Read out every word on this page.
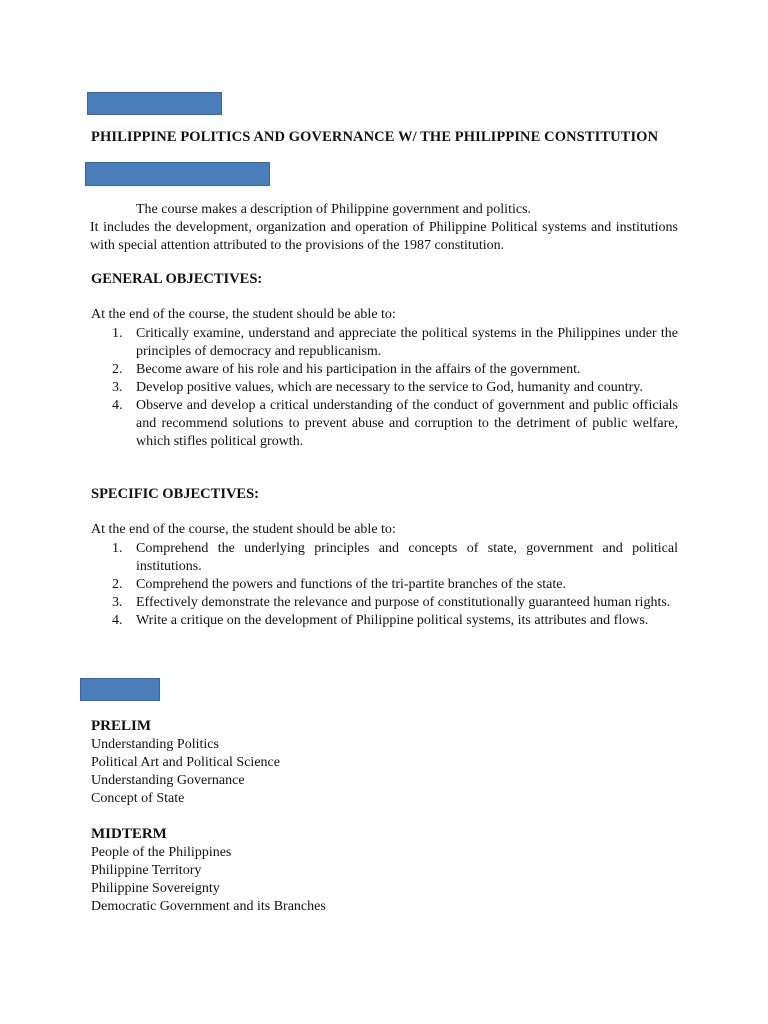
PHILIPPINE POLITICS AND GOVERNANCE W/ THE PHILIPPINE CONSTITUTION
The course makes a description of Philippine government and politics.
It includes the development, organization and operation of Philippine Political systems and institutions with special attention attributed to the provisions of the 1987 constitution.
GENERAL OBJECTIVES:
At the end of the course, the student should be able to:
1. Critically examine, understand and appreciate the political systems in the Philippines under the principles of democracy and republicanism.
2. Become aware of his role and his participation in the affairs of the government.
3. Develop positive values, which are necessary to the service to God, humanity and country.
4. Observe and develop a critical understanding of the conduct of government and public officials and recommend solutions to prevent abuse and corruption to the detriment of public welfare, which stifles political growth.
SPECIFIC OBJECTIVES:
At the end of the course, the student should be able to:
1. Comprehend the underlying principles and concepts of state, government and political institutions.
2. Comprehend the powers and functions of the tri-partite branches of the state.
3. Effectively demonstrate the relevance and purpose of constitutionally guaranteed human rights.
4. Write a critique on the development of Philippine political systems, its attributes and flows.
PRELIM
Understanding Politics
Political Art and Political Science
Understanding Governance
Concept of State
MIDTERM
People of the Philippines
Philippine Territory
Philippine Sovereignty
Democratic Government and its Branches
